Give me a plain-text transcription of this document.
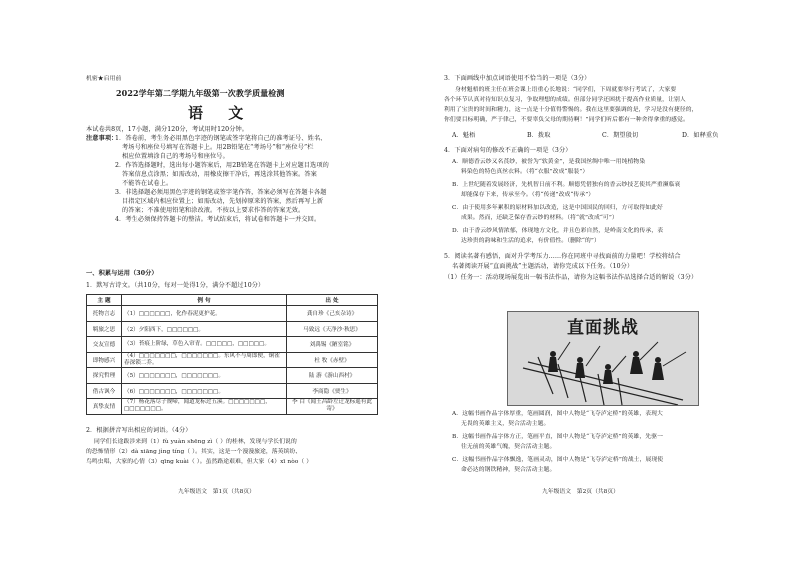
机密★启用前
2022学年第二学期九年级第一次教学质量检测
语 文
本试卷共8页，17小题，满分120分，考试用时120分钟。
注意事项：
1．答卷前，考生务必用黑色字迹的钢笔或签字笔将自己的准考证号、姓名、
考场号和座位号填写在答题卡上。用2B铅笔在“考场号”和“座位号”栏
相应位置填涂自己的考场号和座位号。
2．作答选择题时，选出每小题答案后，用2B铅笔在答题卡上对应题目选项的
答案信息点涂黑；如需改动，用橡皮擦干净后，再选涂其他答案。答案
不能答在试卷上。
3．非选择题必须用黑色字迹的钢笔或签字笔作答，答案必须写在答题卡各题
目指定区域内相应位置上；如需改动，先划掉原来的答案，然后再写上新
的答案；不准使用铅笔和涂改液。不按以上要求作答的答案无效。
4．考生必须保持答题卡的整洁。考试结束后，将试卷和答题卡一并交回。
一、积累与运用（30分）
1．默写古诗文。（共10分，每对一处得1分，满分不超过10分）
主 题	例 句	出 处
托物言志	（1）□□□□□□，化作春泥更护花。	龚自珍《己亥杂诗》
羁旅之思	（2）夕阳西下，□□□□□□。	马致远《天净沙·秋思》
交友宣德	（3）苔痕上阶绿，草色入帘青。□□□□□，□□□□□。	刘禹锡《陋室铭》
即物感兴	（4）□□□□□□□，□□□□□□□。东风不与周郎便，铜雀春深锁二乔。	杜 牧《赤壁》
探究哲理	（5）□□□□□□□，□□□□□□□。	陆 游《游山西村》
借古讽今	（6）□□□□□□□，□□□□□□□。	李商隐《贾生》
真挚友情	（7）杨花落尽子规啼，闻道龙标过五溪。□□□□□□□，□□□□□□□。	李 白《闻王昌龄左迁龙标遥有此寄》
2．根据拼音写出相应的词语。（4分）
同学们长途跋涉来到（1）fù yuàn shēng zì（ ）的桂林，发现与学长们说的
的恐怖情形（2）dà xiāng jìng tíng（ ）。其实，这是一个漫漫旅途，落英缤纷、
鸟鸣虫唱，大家的心情（3）qīng kuài（ ）。虽然路途艰难，但大家（4）xī nòo（ ）
九年级语文　第1页（共8页）
3．下面画线中加点词语使用不恰当的一项是（3分）
身材魁梧的班主任在班会课上语重心长地说：“同学们，下周就要举行考试了，大家要
各个环节认真对待知识点复习，争取理想的成绩。但部分同学还困扰于提高作业质量，让别人
利用了宝贵的时间和精力，这一点是十分值得警惕的。我在这里要强调的是，学习是没有捷径的，
你们要目标明确，严于律己，不要辜负父母的期待啊！”同学们听后都有一种舍得拿重的感觉。
A．魁梧	B．拨取	C．期望殷切	D．如释重负
4．下面对病句的修改不正确的一项是（3分）
A．顺德香云纱又名莨纱，被誉为“软黄金”，是我国丝绸中唯一用纯植物染
料染色的特色真丝衣料。（将“衣服”改成“服装”）
B．上世纪随着发展经济，先机智日前不利。顺德凭借独有的香云纱技艺使其严重濒临衰
却能保存下来，传承至今。（将“传递”改成“传承”）
C．由于使用多年累积的原材料加以改造，这是中国国民的回归，方可取得如此好
成果。然而，还缺乏保存香云纱的材料。（将“就”改成“可”）
D．由于香云纱风情浓郁，体现地方文化，并且色彩自然，是岭南文化的传承，表
达珍贵的韵味和生活的追求，有价值性。（删除“的”）
5．阅读名著有感悟，面对升学考压力……你在同班中寻找面前的力量吧！学校将结合
名著阅读开展“直面挑战”主题活动，请你完成以下任务。（10分）
（1）任务一：活动现场展览出一幅书法作品，请你为这幅书法作品选择合适的解说（3分）
直面挑战
A．这幅书画作品字体厚重，笔画圆润，图中人物是“飞夺泸定桥”的英雄，表现大
无畏的英雄主义，契合活动主题。
B．这幅书画作品字体方正，笔画平直，图中人物是“飞夺泸定桥”的英雄，先驱一
往无前的英雄气魄，契合活动主题。
C．这幅书画作品字体飘逸，笔画灵动，图中人物是“飞夺泸定桥”的战士，展现使
命必达的钢铁精神，契合活动主题。
九年级语文　第2页（共8页）
